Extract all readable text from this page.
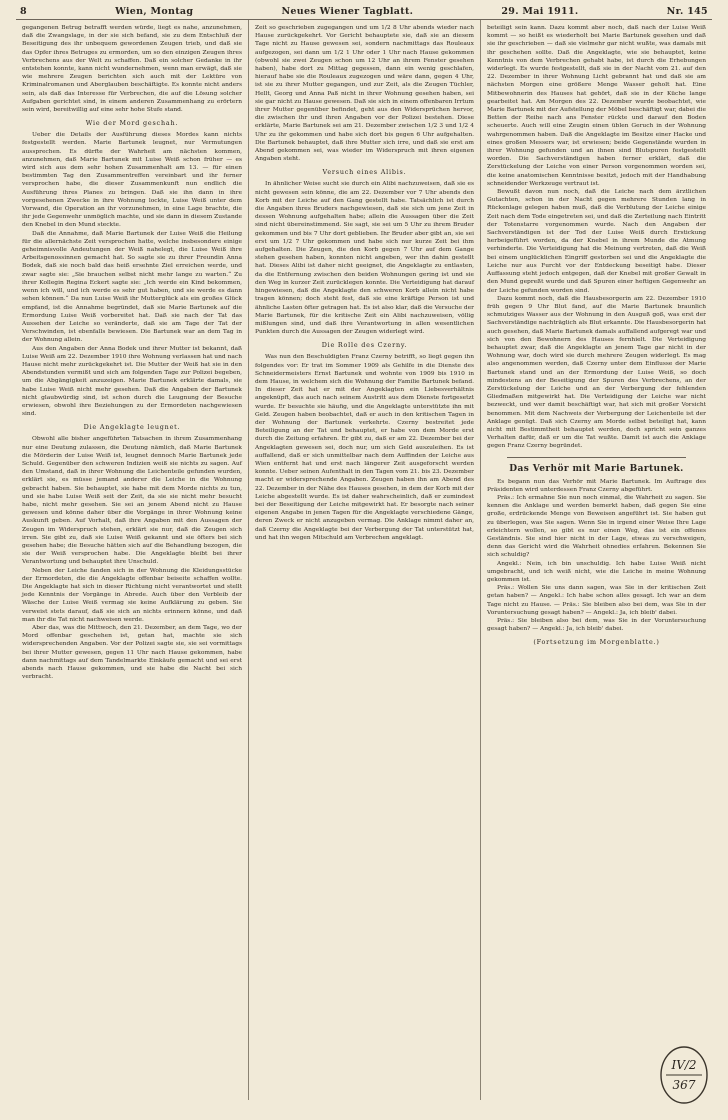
8	Wien, Montag	Neues Wiener Tagblatt.	29. Mai 1911.	Nr. 145

gegangenen Betrug betrafft werden würde, liegt es nahe, anzunehmen, daß die Zwangslage, in der sie sich befand, sie zu dem Entschluß der Beseitigung des ihr unbequem gewordenen Zeugen trieb, und daß sie das Opfer ihres Betruges zu ermorden, um so den einzigen Zeugen ihres Verbrechens aus der Welt zu schaffen. Daß ein solcher Gedanke in ihr entstehen konnte, kann nicht wundernehmen, wenn man erwägt, daß sie wie mehrere Zeugen berichten sich auch mit der Lektüre von Kriminalromanen und Aberglauben beschäftigte. Es konnte nicht anders sein, als daß das Interesse für Verbrechen, die auf die Lösung solcher Aufgaben gerichtet sind, in einem anderen Zusammenhang zu erörtern sein wird, bereitwillig auf eine sehr hohe Stufe stand.

Wie der Mord geschah.

Ueber die Details der Ausführung dieses Mordes kann nichts festgestellt werden. Marie Bartunek leugnet, nur Vermutungen aussprechen. Es dürfte der Wahrheit am nächsten kommen, anzunehmen, daß Marie Bartunek mit Luise Weiß schon früher — es wird sich aus dem sehr hohen Zusammenhalt am 13. — für einen bestimmten Tag den Zusammentreffen vereinbart und ihr ferner versprochen habe, die dieser Zusammenkunft nun endlich die Ausführung ihres Planes zu bringen. Daß sie ihn dann in ihre vorgesehenen Zwecke in ihre Wohnung lockte, Luise Weiß unter dem Vorwand, die Operation an ihr vorzunehmen, in eine Lage brachte, die ihr jede Gegenwehr unmöglich machte, und sie dann in diesem Zustande den Knebel in den Mund steckte.

Daß die Annahme, daß Marie Bartunek der Luise Weiß die Heilung für die allernächste Zeit versprochen hatte, welche insbesondere einige geheimnisvolle Andeutungen der Weiß nahelegt, die Luise Weiß ihre Arbeitsgenossinnen gemacht hat. So sagte sie zu ihrer Freundin Anna Bodek, daß sie noch bald das heiß ersehnte Ziel erreichen werde, und zwar sagte sie: „Sie brauchen selbst nicht mehr lange zu warten.“ Zu ihrer Kollegin Regina Eckert sagte sie: „Ich werde ein Kind bekommen, wenn ich will, und ich werde es sehr gut haben, und sie werde es dann sehen können.“ Da nun Luise Weiß ihr Mutterglück als ein großes Glück empfand, ist die Annahme begründet, daß sie Marie Bartunek auf die Ermordung Luise Weiß vorbereitet hat. Daß sie nach der Tat das Aussehen der Leiche so veränderte, daß sie am Tage der Tat der Verschwinden, ist ebenfalls bewiesen. Die Bartunek war an dem Tag in der Wohnung allein.

Aus den Angaben der Anna Bodek und ihrer Mutter ist bekannt, daß Luise Weiß am 22. Dezember 1910 ihre Wohnung verlassen hat und nach Hause nicht mehr zurückgekehrt ist. Die Mutter der Weiß hat sie in den Abendstunden vermißt und sich am folgenden Tage zur Polizei begeben, um die Abgängigkeit anzuzeigen. Marie Bartunek erklärte damals, sie habe Luise Weiß nicht mehr gesehen. Daß die Angaben der Bartunek nicht glaubwürdig sind, ist schon durch die Leugnung der Besuche erwiesen, obwohl ihre Beziehungen zu der Ermordeten nachgewiesen sind.

Die Angeklagte leugnet.

Obwohl alle bisher angeführten Tatsachen in ihrem Zusammenhang nur eine Deutung zulassen, die Deutung nämlich, daß Marie Bartunek die Mörderin der Luise Weiß ist, leugnet dennoch Marie Bartunek jede Schuld. Gegenüber den schweren Indizien weiß sie nichts zu sagen. Auf den Umstand, daß in ihrer Wohnung die Leichenteile gefunden wurden, erklärt sie, es müsse jemand anderer die Leiche in die Wohnung gebracht haben. Sie behauptet, sie habe mit dem Morde nichts zu tun, und sie habe Luise Weiß seit der Zeit, da sie sie nicht mehr besucht habe, nicht mehr gesehen. Sie sei an jenem Abend nicht zu Hause gewesen und könne daher über die Vorgänge in ihrer Wohnung keine Auskunft geben. Auf Vorhalt, daß ihre Angaben mit den Aussagen der Zeugen im Widerspruch stehen, erklärt sie nur, daß die Zeugen sich irren. Sie gibt zu, daß sie Luise Weiß gekannt und sie öfters bei sich gesehen habe; die Besuche hätten sich auf die Behandlung bezogen, die sie der Weiß versprochen habe. Die Angeklagte bleibt bei ihrer Verantwortung und behauptet ihre Unschuld.

Neben der Leiche fanden sich in der Wohnung die Kleidungsstücke der Ermordeten, die die Angeklagte offenbar beiseite schaffen wollte. Die Angeklagte hat sich in dieser Richtung nicht verantwortet und stellt jede Kenntnis der Vorgänge in Abrede. Auch über den Verbleib der Wäsche der Luise Weiß vermag sie keine Aufklärung zu geben. Sie verweist stets darauf, daß sie sich an nichts erinnern könne, und daß man ihr die Tat nicht nachweisen werde.

Aber das, was die Mittwoch, den 21. Dezember, an dem Tage, wo der Mord offenbar geschehen ist, getan hat, machte sie sich widersprechenden Angaben. Vor der Polizei sagte sie, sie sei vormittags bei ihrer Mutter gewesen, gegen 11 Uhr nach Hause gekommen, habe dann nachmittags auf dem Tandelmarkte Einkäufe gemacht und sei erst abends nach Hause gekommen, und sie habe die Nacht bei sich verbracht.

Zeit so geschrieben zugegangen und um 1/2 8 Uhr abends wieder nach Hause zurückgekehrt. Vor Gericht behauptete sie, daß sie an diesem Tage nicht zu Hause gewesen sei, sondern nachmittags das Rouleaux aufgezogen, sei dann um 1/2 1 Uhr oder 1 Uhr nach Hause gekommen (obwohl sie zwei Zeugen schon um 12 Uhr an ihrem Fenster gesehen haben), habe dort zu Mittag gegessen, dann ein wenig geschlafen, hierauf habe sie die Rouleaux zugezogen und wäre dann, gegen 4 Uhr, ist sie zu ihrer Mutter gegangen, und zur Zeit, als die Zeugen Tüchler, Hellt, Georg und Anna Paß nicht in ihrer Wohnung gesehen haben, sei sie gar nicht zu Hause gewesen. Daß sie sich in einem offenbaren Irrtum ihrer Mutter gegenüber befindet, geht aus den Widersprüchen hervor, die zwischen ihr und ihren Angaben vor der Polizei bestehen. Diese erklärte, Marie Bartunek sei am 21. Dezember zwischen 1/2 3 und 1/2 4 Uhr zu ihr gekommen und habe sich dort bis gegen 6 Uhr aufgehalten. Die Bartunek behauptet, daß ihre Mutter sich irre, und daß sie erst am Abend gekommen sei, was wieder im Widerspruch mit ihren eigenen Angaben steht.

Versuch eines Alibis.

In ähnlicher Weise sucht sie durch ein Alibi nachzuweisen, daß sie es nicht gewesen sein könne, die am 22. Dezember vor 7 Uhr abends den Korb mit der Leiche auf den Gang gestellt habe. Tatsächlich ist durch die Angaben ihres Bruders nachgewiesen, daß sie sich um jene Zeit in dessen Wohnung aufgehalten habe; allein die Aussagen über die Zeit sind nicht übereinstimmend. Sie sagt, sie sei um 5 Uhr zu ihrem Bruder gekommen und bis 7 Uhr dort geblieben. Ihr Bruder aber gibt an, sie sei erst um 1/2 7 Uhr gekommen und habe sich nur kurze Zeit bei ihm aufgehalten. Die Zeugen, die den Korb gegen 7 Uhr auf dem Gange stehen gesehen haben, konnten nicht angeben, wer ihn dahin gestellt hat. Dieses Alibi ist daher nicht geeignet, die Angeklagte zu entlasten, da die Entfernung zwischen den beiden Wohnungen gering ist und sie den Weg in kurzer Zeit zurücklegen konnte. Die Verteidigung hat darauf hingewiesen, daß die Angeklagte den schweren Korb allein nicht habe tragen können; doch steht fest, daß sie eine kräftige Person ist und ähnliche Lasten öfter getragen hat. Es ist also klar, daß die Versuche der Marie Bartunek, für die kritische Zeit ein Alibi nachzuweisen, völlig mißlungen sind, und daß ihre Verantwortung in allen wesentlichen Punkten durch die Aussagen der Zeugen widerlegt wird.

Die Rolle des Czerny.

Was nun den Beschuldigten Franz Czerny betrifft, so liegt gegen ihn folgendes vor: Er trat im Sommer 1909 als Gehilfe in die Dienste des Schneidermeisters Ernst Bartunek und wohnte von 1909 bis 1910 in dem Hause, in welchem sich die Wohnung der Familie Bartunek befand. In dieser Zeit hat er mit der Angeklagten ein Liebesverhältnis angeknüpft, das auch nach seinem Austritt aus dem Dienste fortgesetzt wurde. Er besuchte sie häufig, und die Angeklagte unterstützte ihn mit Geld. Zeugen haben beobachtet, daß er auch in den kritischen Tagen in der Wohnung der Bartunek verkehrte. Czerny bestreitet jede Beteiligung an der Tat und behauptet, er habe von dem Morde erst durch die Zeitung erfahren. Er gibt zu, daß er am 22. Dezember bei der Angeklagten gewesen sei, doch nur, um sich Geld auszuleihen. Es ist auffallend, daß er sich unmittelbar nach dem Auffinden der Leiche aus Wien entfernt hat und erst nach längerer Zeit ausgeforscht werden konnte. Ueber seinen Aufenthalt in den Tagen vom 21. bis 23. Dezember macht er widersprechende Angaben. Zeugen haben ihn am Abend des 22. Dezember in der Nähe des Hauses gesehen, in dem der Korb mit der Leiche abgestellt wurde. Es ist daher wahrscheinlich, daß er zumindest bei der Beseitigung der Leiche mitgewirkt hat. Er besorgte nach seiner eigenen Angabe in jenen Tagen für die Angeklagte verschiedene Gänge, deren Zweck er nicht anzugeben vermag. Die Anklage nimmt daher an, daß Czerny die Angeklagte bei der Verbergung der Tat unterstützt hat, und hat ihn wegen Mitschuld am Verbrechen angeklagt.

beteiligt sein kann. Dazu kommt aber noch, daß nach der Luise Weiß kommt — so heißt es wiederholt bei Marie Bartunek gesehen und daß sie ihr geschrieben — daß sie vielmehr gar nicht wußte, was damals mit ihr geschehen sollte. Daß die Angeklagte, wie sie behauptet, keine Kenntnis von dem Verbrechen gehabt habe, ist durch die Erhebungen widerlegt. Es wurde festgestellt, daß sie in der Nacht vom 21. auf den 22. Dezember in ihrer Wohnung Licht gebrannt hat und daß sie am nächsten Morgen eine größere Menge Wasser geholt hat. Eine Mitbewohnerin des Hauses hat gehört, daß sie in der Küche lange gearbeitet hat. Am Morgen des 22. Dezember wurde beobachtet, wie Marie Bartunek mit der Aufstellung der Möbel beschäftigt war, dabei die Betten der Reihe nach ans Fenster rückte und darauf den Boden scheuerte. Auch will eine Zeugin einen üblen Geruch in der Wohnung wahrgenommen haben. Daß die Angeklagte im Besitze einer Hacke und eines großen Messers war, ist erwiesen; beide Gegenstände wurden in ihrer Wohnung gefunden und an ihnen sind Blutspuren festgestellt worden. Die Sachverständigen haben ferner erklärt, daß die Zerstückelung der Leiche von einer Person vorgenommen worden sei, die keine anatomischen Kenntnisse besitzt, jedoch mit der Handhabung schneidender Werkzeuge vertraut ist.

Bewußt davon nun noch, daß die Leiche nach dem ärztlichen Gutachten, schon in der Nacht gegen mehrere Stunden lang in Rückenlage gelegen haben muß, daß die Verblutung der Leiche einige Zeit nach dem Tode eingetreten sei, und daß die Zerteilung nach Eintritt der Totenstarre vorgenommen wurde. Nach den Angaben der Sachverständigen ist der Tod der Luise Weiß durch Erstickung herbeigeführt worden, da der Knebel in ihrem Munde die Atmung verhinderte. Die Verteidigung hat die Meinung vertreten, daß die Weiß bei einem unglücklichen Eingriff gestorben sei und die Angeklagte die Leiche nur aus Furcht vor der Entdeckung beseitigt habe. Dieser Auffassung steht jedoch entgegen, daß der Knebel mit großer Gewalt in den Mund gepreßt wurde und daß Spuren einer heftigen Gegenwehr an der Leiche gefunden worden sind.

Dazu kommt noch, daß die Hausbesorgerin am 22. Dezember 1910 früh gegen 9 Uhr Blut fand, auf die Marie Bartunek braunlich schmutziges Wasser aus der Wohnung in den Ausguß goß, was erst der Sachverständige nachträglich als Blut erkannte. Die Hausbesorgerin hat auch gesehen, daß Marie Bartunek damals auffallend aufgeregt war und sich von den Bewohnern des Hauses fernhielt. Die Verteidigung behauptet zwar, daß die Angeklagte an jenem Tage gar nicht in der Wohnung war, doch wird sie durch mehrere Zeugen widerlegt. Es mag also angenommen werden, daß Czerny unter dem Einflusse der Marie Bartunek stand und an der Ermordung der Luise Weiß, so doch mindestens an der Beseitigung der Spuren des Verbrechens, an der Zerstückelung der Leiche und an der Verbergung der fehlenden Gliedmaßen mitgewirkt hat. Die Verteidigung der Leiche war nicht bezweckt, und wer damit beschäftigt war, hat sich mit großer Vorsicht benommen. Mit dem Nachweis der Verbergung der Leichenteile ist der Anklage genügt. Daß sich Czerny am Morde selbst beteiligt hat, kann nicht mit Bestimmtheit behauptet werden, doch spricht sein ganzes Verhalten dafür, daß er um die Tat wußte. Damit ist auch die Anklage gegen Franz Czerny begründet.

Das Verhör mit Marie Bartunek.

Es begann nun das Verhör mit Marie Bartunek. Im Auftrage des Präsidenten wird unterdessen Franz Czerny abgeführt.

Präs.: Ich ermahne Sie nun noch einmal, die Wahrheit zu sagen. Sie kennen die Anklage und werden bemerkt haben, daß gegen Sie eine große, erdrückende Menge von Beweisen angeführt ist. Sie haben gut zu überlegen, was Sie sagen. Wenn Sie in irgend einer Weise Ihre Lage erleichtern wollen, so gibt es nur einen Weg, das ist ein offenes Geständnis. Sie sind hier nicht in der Lage, etwas zu verschweigen, denn das Gericht wird die Wahrheit ohnedies erfahren. Bekennen Sie sich schuldig?

Angekl.: Nein, ich bin unschuldig. Ich habe Luise Weiß nicht umgebracht, und ich weiß nicht, wie die Leiche in meine Wohnung gekommen ist.

Präs.: Wollen Sie uns dann sagen, was Sie in der kritischen Zeit getan haben? — Angekl.: Ich habe schon alles gesagt. Ich war an dem Tage nicht zu Hause. — Präs.: Sie bleiben also bei dem, was Sie in der Voruntersuchung gesagt haben? — Angekl.: Ja, ich bleib' dabei.

Präs.: Sie bleiben also bei dem, was Sie in der Voruntersuchung gesagt haben? — Angekl.: Ja, ich bleib' dabei.

(Fortsetzung im Morgenblatte.)
IV/2
367
